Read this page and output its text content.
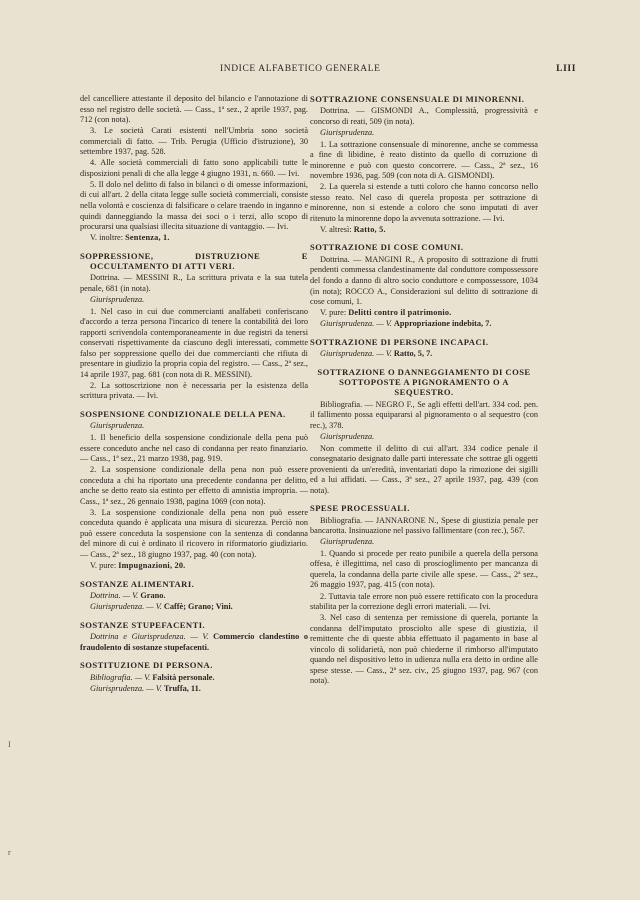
INDICE ALFABETICO GENERALE	LIII

del cancelliere attestante il deposito del bilancio e l'annotazione di esso nel registro delle società. — Cass., 1ª sez., 2 aprile 1937, pag. 712 (con nota).

3. Le società Carati esistenti nell'Umbria sono società commerciali di fatto. — Trib. Perugia (Ufficio d'istruzione), 30 settembre 1937, pag. 528.

4. Alle società commerciali di fatto sono applicabili tutte le disposizioni penali di che alla legge 4 giugno 1931, n. 660. — Ivi.

5. Il dolo nel delitto di falso in bilanci o di omesse informazioni, di cui all'art. 2 della citata legge sulle società commerciali, consiste nella volontà e coscienza di falsificare o celare traendo in inganno e quindi danneggiando la massa dei soci o i terzi, allo scopo di procurarsi una qualsiasi illecita situazione di vantaggio. — Ivi.

V. inoltre: Sentenza, 1.

SOPPRESSIONE, DISTRUZIONE E OCCULTAMENTO DI ATTI VERI.

Dottrina. — MESSINI R., La scrittura privata e la sua tutela penale, 681 (in nota).

Giurisprudenza.

1. Nel caso in cui due commercianti analfabeti conferiscano d'accordo a terza persona l'incarico di tenere la contabilità dei loro rapporti scrivendola contemporaneamente in due registri da tenersi conservati rispettivamente da ciascuno degli interessati, commette falso per soppressione quello dei due commercianti che rifiuta di presentare in giudizio la propria copia del registro. — Cass., 2ª sez., 14 aprile 1937, pag. 681 (con nota di R. MESSINI).

2. La sottoscrizione non è necessaria per la esistenza della scrittura privata. — Ivi.

SOSPENSIONE CONDIZIONALE DELLA PENA.
Giurisprudenza.

1. Il beneficio della sospensione condizionale della pena può essere conceduto anche nel caso di condanna per reato finanziario. — Cass., 1ª sez., 21 marzo 1938, pag. 919.

2. La sospensione condizionale della pena non può essere conceduta a chi ha riportato una precedente condanna per delitto, anche se detto reato sia estinto per effetto di amnistia impropria. — Cass., 1ª sez., 26 gennaio 1938, pagina 1069 (con nota).

3. La sospensione condizionale della pena non può essere conceduta quando è applicata una misura di sicurezza. Perciò non può essere conceduta la sospensione con la sentenza di condanna del minore di cui è ordinato il ricovero in riformatorio giudiziario. — Cass., 2ª sez., 18 giugno 1937, pag. 40 (con nota).

V. pure: Impugnazioni, 20.

SOSTANZE ALIMENTARI.

Dottrina. — V. Grano.

Giurisprudenza. — V. Caffè; Grano; Vini.

SOSTANZE STUPEFACENTI.

Dottrina e Giurisprudenza. — V. Commercio clandestino o fraudolento di sostanze stupefacenti.

SOSTITUZIONE DI PERSONA.

Bibliografia. — V. Falsità personale.

Giurisprudenza. — V. Truffa, 11.

SOTTRAZIONE CONSENSUALE DI MINORENNI.

Dottrina. — GISMONDI A., Complessità, progressività e concorso di reati, 509 (in nota).

Giurisprudenza.

1. La sottrazione consensuale di minorenne, anche se commessa a fine di libidine, è reato distinto da quello di corruzione di minorenne e può con questo concorrere. — Cass., 2ª sez., 16 novembre 1936, pag. 509 (con nota di A. GISMONDI).

2. La querela si estende a tutti coloro che hanno concorso nello stesso reato. Nel caso di querela proposta per sottrazione di minorenne, non si estende a coloro che sono imputati di aver ritenuto la minorenne dopo la avvenuta sottrazione. — Ivi.

V. altresì: Ratto, 5.

SOTTRAZIONE DI COSE COMUNI.

Dottrina. — MANGINI R., A proposito di sottrazione di frutti pendenti commessa clandestinamente dal conduttore compossessore del fondo a danno di altro socio conduttore e compossessore, 1034 (in nota); ROCCO A., Considerazioni sul delitto di sottrazione di cose comuni, 1.

V. pure: Delitti contro il patrimonio.

Giurisprudenza. — V. Appropriazione indebita, 7.

SOTTRAZIONE DI PERSONE INCAPACI.

Giurisprudenza. — V. Ratto, 5, 7.

SOTTRAZIONE O DANNEGGIAMENTO DI COSE SOTTOPOSTE A PIGNORAMENTO O A SEQUESTRO.

Bibliografia. — NEGRO F., Se agli effetti dell'art. 334 cod. pen. il fallimento possa equipararsi al pignoramento o al sequestro (con rec.), 378.

Giurisprudenza.

Non commette il delitto di cui all'art. 334 codice penale il consegnatario designato dalle parti interessate che sottrae gli oggetti provenienti da un'eredità, inventariati dopo la rimozione dei sigilli ed a lui affidati. — Cass., 3ª sez., 27 aprile 1937, pag. 439 (con nota).

SPESE PROCESSUALI.

Bibliografia. — JANNARONE N., Spese di giustizia penale per bancarotta. Insinuazione nel passivo fallimentare (con rec.), 567.

Giurisprudenza.

1. Quando si procede per reato punibile a querela della persona offesa, è illegittima, nel caso di proscioglimento per mancanza di querela, la condanna della parte civile alle spese. — Cass., 2ª sez., 26 maggio 1937, pag. 415 (con nota).

2. Tuttavia tale errore non può essere rettificato con la procedura stabilita per la correzione degli errori materiali. — Ivi.

3. Nel caso di sentenza per remissione di querela, portante la condanna dell'imputato prosciolto alle spese di giustizia, il remittente che di queste abbia effettuato il pagamento in base al vincolo di solidarietà, non può chiederne il rimborso all'imputato quando nel dispositivo letto in udienza nulla era detto in ordine alle spese stesse. — Cass., 2ª sez. civ., 25 giugno 1937, pag. 967 (con nota).

I
r
